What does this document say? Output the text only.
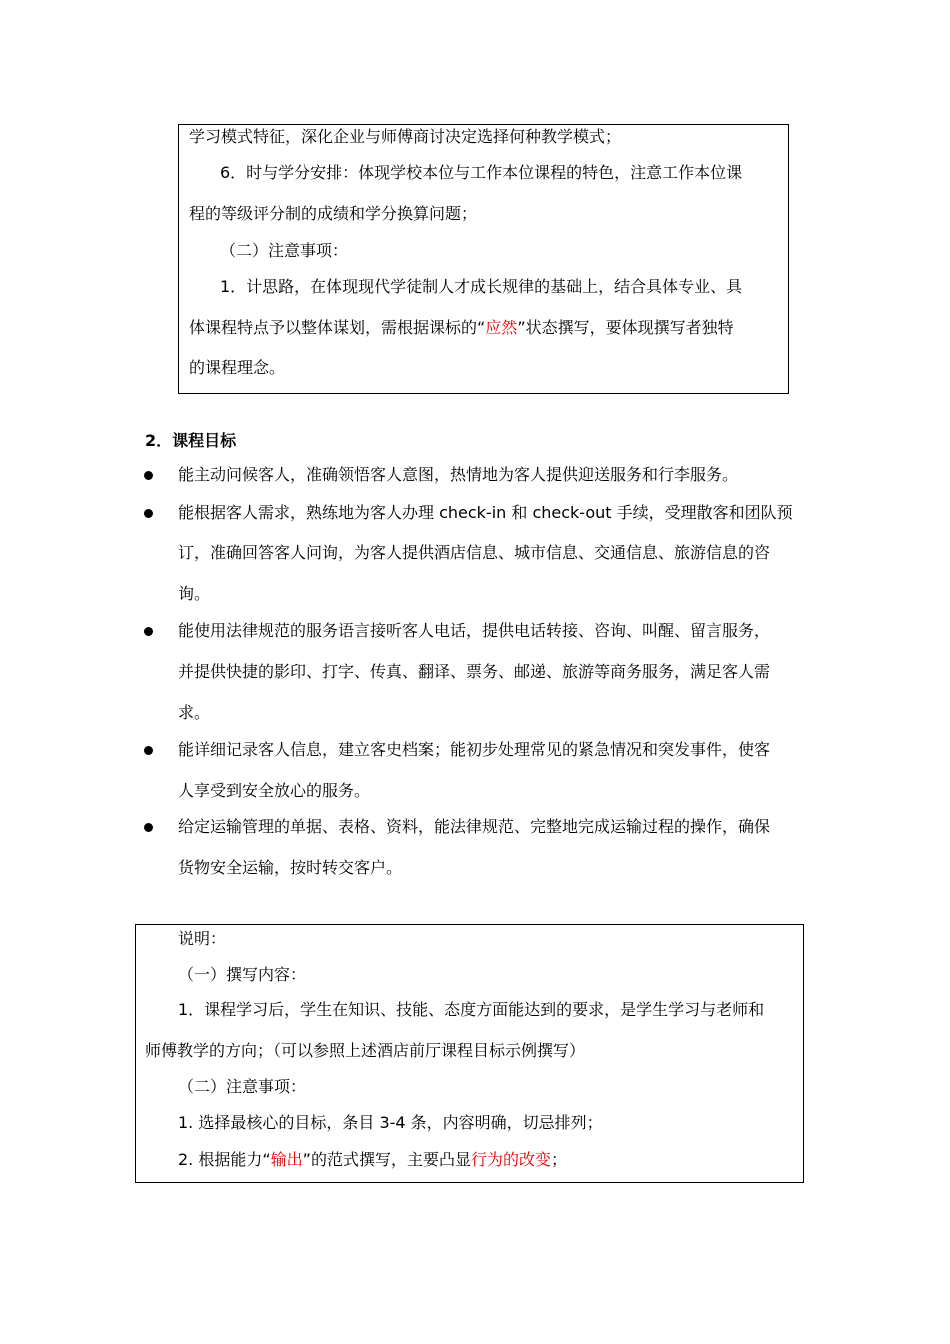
学习模式特征，深化企业与师傅商讨决定选择何种教学模式；
6．时与学分安排：体现学校本位与工作本位课程的特色，注意工作本位课
程的等级评分制的成绩和学分换算问题；
（二）注意事项：
1．计思路，在体现现代学徒制人才成长规律的基础上，结合具体专业、具
体课程特点予以整体谋划，需根据课标的“应然”状态撰写，要体现撰写者独特
的课程理念。
2．课程目标
能主动问候客人，准确领悟客人意图，热情地为客人提供迎送服务和行李服务。
能根据客人需求，熟练地为客人办理 check-in 和 check-out 手续，受理散客和团队预
订，准确回答客人问询，为客人提供酒店信息、城市信息、交通信息、旅游信息的咨
询。
能使用法律规范的服务语言接听客人电话，提供电话转接、咨询、叫醒、留言服务，
并提供快捷的影印、打字、传真、翻译、票务、邮递、旅游等商务服务，满足客人需
求。
能详细记录客人信息，建立客史档案；能初步处理常见的紧急情况和突发事件，使客
人享受到安全放心的服务。
给定运输管理的单据、表格、资料，能法律规范、完整地完成运输过程的操作，确保
货物安全运输，按时转交客户。
说明：
（一）撰写内容：
1．课程学习后，学生在知识、技能、态度方面能达到的要求，是学生学习与老师和
师傅教学的方向；（可以参照上述酒店前厅课程目标示例撰写）
（二）注意事项：
1. 选择最核心的目标，条目 3-4 条，内容明确，切忌排列；
2. 根据能力“输出”的范式撰写，主要凸显行为的改变；
